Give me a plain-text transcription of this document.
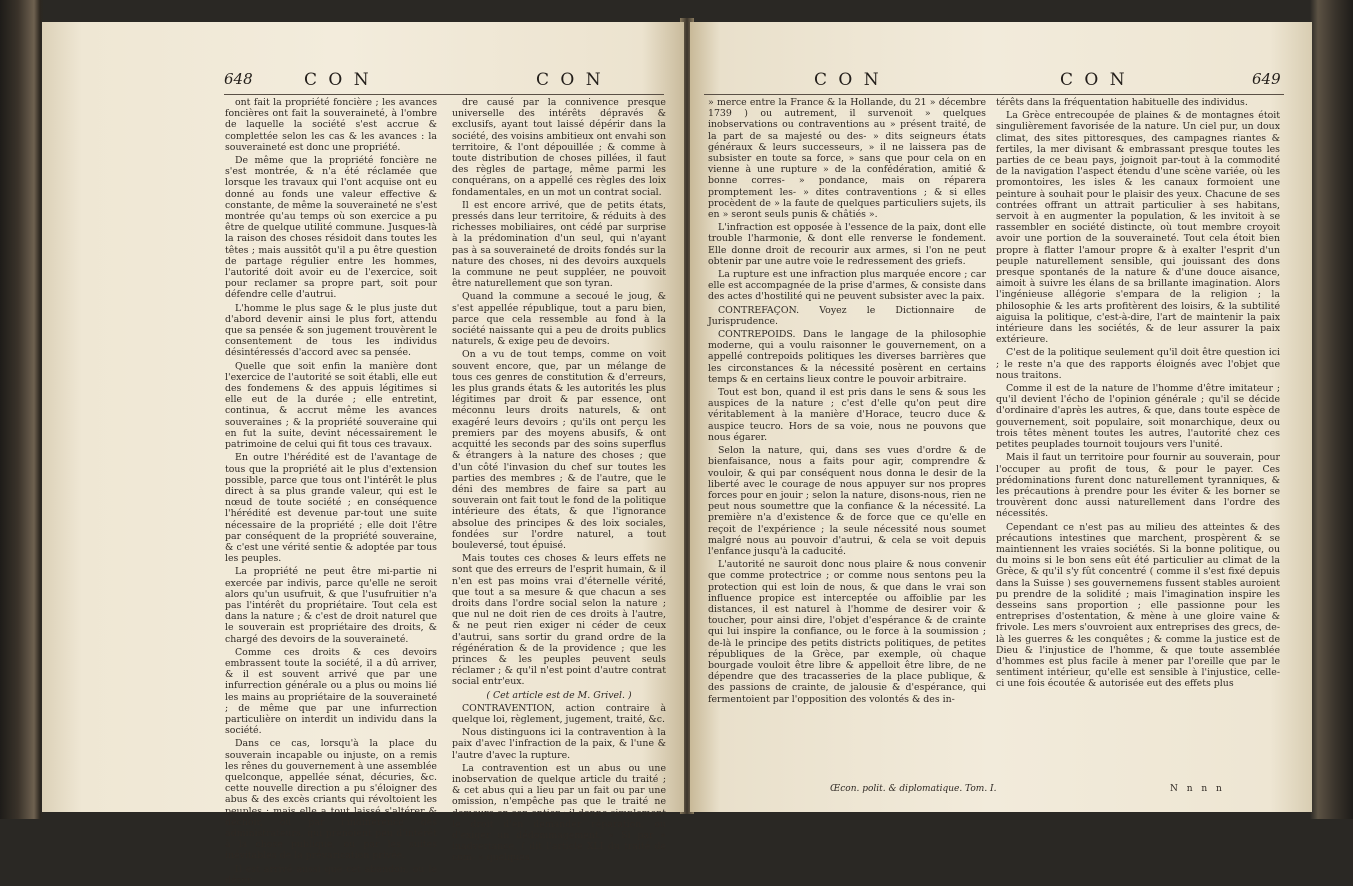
648	C O N	C O N

ont fait la propriété foncière ; les avances foncières ont fait la souveraineté, à l'ombre de laquelle la société s'est accrue & complettée selon les cas & les avances : la souveraineté est donc une propriété.

De même que la propriété foncière ne s'est montrée, & n'a été réclamée que lorsque les travaux qui l'ont acquise ont eu donné au fonds une valeur effective & constante, de même la souveraineté ne s'est montrée qu'au temps où son exercice a pu être de quelque utilité commune. Jusques-là la raison des choses résidoit dans toutes les têtes ; mais aussitôt qu'il a pu être question de partage régulier entre les hommes, l'autorité doit avoir eu de l'exercice, soit pour reclamer sa propre part, soit pour défendre celle d'autrui.

L'homme le plus sage & le plus juste dut d'abord devenir ainsi le plus fort, attendu que sa pensée & son jugement trouvèrent le consentement de tous les individus désintéressés d'accord avec sa pensée.

Quelle que soit enfin la manière dont l'exercice de l'autorité se soit établi, elle eut des fondemens & des appuis légitimes si elle eut de la durée ; elle entretint, continua, & accrut même les avances souveraines ; & la propriété souveraine qui en fut la suite, devint nécessairement le patrimoine de celui qui fit tous ces travaux.

En outre l'hérédité est de l'avantage de tous que la propriété ait le plus d'extension possible, parce que tous ont l'intérêt le plus direct à sa plus grande valeur, qui est le nœud de toute société ; en conséquence l'hérédité est devenue par-tout une suite nécessaire de la propriété ; elle doit l'être par conséquent de la propriété souveraine, & c'est une vérité sentie & adoptée par tous les peuples.

La propriété ne peut être mi-partie ni exercée par indivis, parce qu'elle ne seroit alors qu'un usufruit, & que l'usufruitier n'a pas l'intérêt du propriétaire. Tout cela est dans la nature ; & c'est de droit naturel que le souverain est propriétaire des droits, & chargé des devoirs de la souveraineté.

Comme ces droits & ces devoirs embrassent toute la société, il a dû arriver, & il est souvent arrivé que par une infurrection générale ou a plus ou moins lié les mains au propriétaire de la souveraineté ; de même que par une infurrection particulière on interdit un individu dans la société.

Dans ce cas, lorsqu'à la place du souverain incapable ou injuste, on a remis les rênes du gouvernement à une assemblée quelconque, appellée sénat, décuries, &c. cette nouvelle direction a pu s'éloigner des abus & des excès criants qui révoltoient les peuples : mais elle a tout laissé s'altérer & déchoir, ou par l'indifférence des administrateurs, qui prenoient peu d'intérêt à la chose publique, ou par les suites inévitables de la prévarication privée.

Il est arrivé aussi que cet abandon, ou le désor-

dre causé par la connivence presque universelle des intérêts dépravés & exclusifs, ayant tout laissé dépérir dans la société, des voisins ambitieux ont envahi son territoire, & l'ont dépouillée ; & comme à toute distribution de choses pillées, il faut des règles de partage, même parmi les conquérans, on a appellé ces règles des loix fondamentales, en un mot un contrat social.

Il est encore arrivé, que de petits états, pressés dans leur territoire, & réduits à des richesses mobiliaires, ont cédé par surprise à la prédomination d'un seul, qui n'ayant pas à sa souveraineté de droits fondés sur la nature des choses, ni des devoirs auxquels la commune ne peut suppléer, ne pouvoit être naturellement que son tyran.

Quand la commune a secoué le joug, & s'est appellée république, tout a paru bien, parce que cela ressemble au fond à la société naissante qui a peu de droits publics naturels, & exige peu de devoirs.

On a vu de tout temps, comme on voit souvent encore, que, par un mélange de tous ces genres de constitution & d'erreurs, les plus grands états & les autorités les plus légitimes par droit & par essence, ont méconnu leurs droits naturels, & ont exagéré leurs devoirs ; qu'ils ont perçu les premiers par des moyens abusifs, & ont acquitté les seconds par des soins superflus & étrangers à la nature des choses ; que d'un côté l'invasion du chef sur toutes les parties des membres ; & de l'autre, que le déni des membres de faire sa part au souverain ont fait tout le fond de la politique intérieure des états, & que l'ignorance absolue des principes & des loix sociales, fondées sur l'ordre naturel, a tout bouleversé, tout épuisé.

Mais toutes ces choses & leurs effets ne sont que des erreurs de l'esprit humain, & il n'en est pas moins vrai d'éternelle vérité, que tout a sa mesure & que chacun a ses droits dans l'ordre social selon la nature ; que nul ne doit rien de ces droits à l'autre, & ne peut rien exiger ni céder de ceux d'autrui, sans sortir du grand ordre de la régénération & de la providence ; que les princes & les peuples peuvent seuls réclamer ; & qu'il n'est point d'autre contrat social entr'eux.

( Cet article est de M. Grivel. )

CONTRAVENTION, action contraire à quelque loi, règlement, jugement, traité, &c.

Nous distinguons ici la contravention à la paix d'avec l'infraction de la paix, & l'une & l'autre d'avec la rupture.

La contravention est un abus ou une inobservation de quelque article du traité ; & cet abus qui a lieu par un fait ou par une omission, n'empêche pas que le traité ne demeure en son entier ; il donne simplement le droit d'en demander réparation, ou d'exiger un dédommagement. « Si par » inadvertance, ( dit l'article XLI du traité de com- » quelques

C O N	C O N	649

» merce entre la France & la Hollande, du 21 » décembre 1739 ) ou autrement, il survenoit » quelques inobservations ou contraventions au » présent traité, de la part de sa majesté ou des- » dits seigneurs états généraux & leurs successeurs, » il ne laissera pas de subsister en toute sa force, » sans que pour cela on en vienne à une rupture » de la confédération, amitié & bonne corres- » pondance, mais on réparera promptement les- » dites contraventions ; & si elles procèdent de » la faute de quelques particuliers sujets, ils en » seront seuls punis & châtiés ».

L'infraction est opposée à l'essence de la paix, dont elle trouble l'harmonie, & dont elle renverse le fondement. Elle donne droit de recourir aux armes, si l'on ne peut obtenir par une autre voie le redressement des griefs.

La rupture est une infraction plus marquée encore ; car elle est accompagnée de la prise d'armes, & consiste dans des actes d'hostilité qui ne peuvent subsister avec la paix.

CONTREFAÇON. Voyez le Dictionnaire de Jurisprudence.

CONTREPOIDS. Dans le langage de la philosophie moderne, qui a voulu raisonner le gouvernement, on a appellé contrepoids politiques les diverses barrières que les circonstances & la nécessité posèrent en certains temps & en certains lieux contre le pouvoir arbitraire.

Tout est bon, quand il est pris dans le sens & sous les auspices de la nature ; c'est d'elle qu'on peut dire véritablement à la manière d'Horace, teucro duce & auspice teucro. Hors de sa voie, nous ne pouvons que nous égarer.

Selon la nature, qui, dans ses vues d'ordre & de bienfaisance, nous a faits pour agir, comprendre & vouloir, & qui par conséquent nous donna le desir de la liberté avec le courage de nous appuyer sur nos propres forces pour en jouir ; selon la nature, disons-nous, rien ne peut nous soumettre que la confiance & la nécessité. La première n'a d'existence & de force que ce qu'elle en reçoit de l'expérience ; la seule nécessité nous soumet malgré nous au pouvoir d'autrui, & cela se voit depuis l'enfance jusqu'à la caducité.

L'autorité ne sauroit donc nous plaire & nous convenir que comme protectrice ; or comme nous sentons peu la protection qui est loin de nous, & que dans le vrai son influence propice est interceptée ou affoiblie par les distances, il est naturel à l'homme de desirer voir & toucher, pour ainsi dire, l'objet d'espérance & de crainte qui lui inspire la confiance, ou le force à la soumission ; de-là le principe des petits districts politiques, de petites républiques de la Grèce, par exemple, où chaque bourgade vouloit être libre & appelloit être libre, de ne dépendre que des tracasseries de la place publique, & des passions de crainte, de jalousie & d'espérance, qui fermentoient par l'opposition des volontés & des in-

térêts dans la fréquentation habituelle des individus.

La Grèce entrecoupée de plaines & de montagnes étoit singulièrement favorisée de la nature. Un ciel pur, un doux climat, des sites pittoresques, des campagnes riantes & fertiles, la mer divisant & embrassant presque toutes les parties de ce beau pays, joignoit par-tout à la commodité de la navigation l'aspect étendu d'une scène variée, où les promontoires, les isles & les canaux formoient une peinture à souhait pour le plaisir des yeux. Chacune de ses contrées offrant un attrait particulier à ses habitans, servoit à en augmenter la population, & les invitoit à se rassembler en société distincte, où tout membre croyoit avoir une portion de la souveraineté. Tout cela étoit bien propre à flatter l'amour propre & à exalter l'esprit d'un peuple naturellement sensible, qui jouissant des dons presque spontanés de la nature & d'une douce aisance, aimoit à suivre les élans de sa brillante imagination. Alors l'ingénieuse allégorie s'empara de la religion ; la philosophie & les arts profitèrent des loisirs, & la subtilité aiguisa la politique, c'est-à-dire, l'art de maintenir la paix intérieure dans les sociétés, & de leur assurer la paix extérieure.

C'est de la politique seulement qu'il doit être question ici ; le reste n'a que des rapports éloignés avec l'objet que nous traitons.

Comme il est de la nature de l'homme d'être imitateur ; qu'il devient l'écho de l'opinion générale ; qu'il se décide d'ordinaire d'après les autres, & que, dans toute espèce de gouvernement, soit populaire, soit monarchique, deux ou trois têtes mènent toutes les autres, l'autorité chez ces petites peuplades tournoit toujours vers l'unité.

Mais il faut un territoire pour fournir au souverain, pour l'occuper au profit de tous, & pour le payer. Ces prédominations furent donc naturellement tyranniques, & les précautions à prendre pour les éviter & les borner se trouvèrent donc aussi naturellement dans l'ordre des nécessités.

Cependant ce n'est pas au milieu des atteintes & des précautions intestines que marchent, prospèrent & se maintiennent les vraies sociétés. Si la bonne politique, ou du moins si le bon sens eût été particulier au climat de la Grèce, & qu'il s'y fût concentré ( comme il s'est fixé depuis dans la Suisse ) ses gouvernemens fussent stables auroient pu prendre de la solidité ; mais l'imagination inspire les desseins sans proportion ; elle passionne pour les entreprises d'ostentation, & mène à une gloire vaine & frivole. Les mers s'ouvroient aux entreprises des grecs, de-là les guerres & les conquêtes ; & comme la justice est de Dieu & l'injustice de l'homme, & que toute assemblée d'hommes est plus facile à mener par l'oreille que par le sentiment intérieur, qu'elle est sensible à l'injustice, celle-ci une fois écoutée & autorisée eut des effets plus

Œcon. polit. & diplomatique. Tom. I.	N n n n
